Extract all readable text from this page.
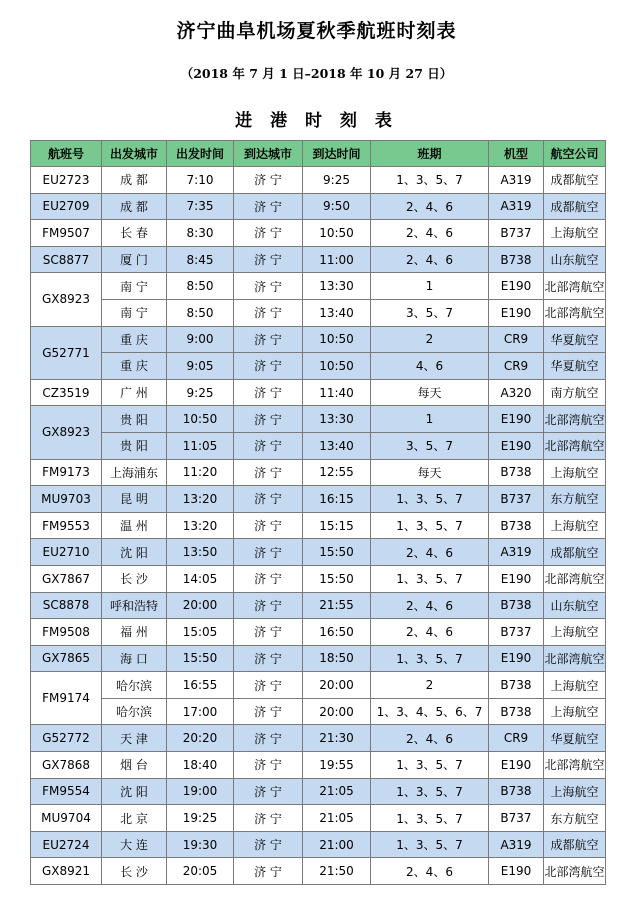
济宁曲阜机场夏秋季航班时刻表
（2018 年 7 月 1 日–2018 年 10 月 27 日）
进 港 时 刻 表
航班号	出发城市	出发时间	到达城市	到达时间	班期	机型	航空公司
EU2723	成 都	7:10	济 宁	9:25	1、3、5、7	A319	成都航空
EU2709	成 都	7:35	济 宁	9:50	2、4、6	A319	成都航空
FM9507	长 春	8:30	济 宁	10:50	2、4、6	B737	上海航空
SC8877	厦 门	8:45	济 宁	11:00	2、4、6	B738	山东航空
GX8923	南 宁	8:50	济 宁	13:30	1	E190	北部湾航空
	南 宁	8:50	济 宁	13:40	3、5、7	E190	北部湾航空
G52771	重 庆	9:00	济 宁	10:50	2	CR9	华夏航空
	重 庆	9:05	济 宁	10:50	4、6	CR9	华夏航空
CZ3519	广 州	9:25	济 宁	11:40	每天	A320	南方航空
GX8923	贵 阳	10:50	济 宁	13:30	1	E190	北部湾航空
	贵 阳	11:05	济 宁	13:40	3、5、7	E190	北部湾航空
FM9173	上海浦东	11:20	济 宁	12:55	每天	B738	上海航空
MU9703	昆 明	13:20	济 宁	16:15	1、3、5、7	B737	东方航空
FM9553	温 州	13:20	济 宁	15:15	1、3、5、7	B738	上海航空
EU2710	沈 阳	13:50	济 宁	15:50	2、4、6	A319	成都航空
GX7867	长 沙	14:05	济 宁	15:50	1、3、5、7	E190	北部湾航空
SC8878	呼和浩特	20:00	济 宁	21:55	2、4、6	B738	山东航空
FM9508	福 州	15:05	济 宁	16:50	2、4、6	B737	上海航空
GX7865	海 口	15:50	济 宁	18:50	1、3、5、7	E190	北部湾航空
FM9174	哈尔滨	16:55	济 宁	20:00	2	B738	上海航空
	哈尔滨	17:00	济 宁	20:00	1、3、4、5、6、7	B738	上海航空
G52772	天 津	20:20	济 宁	21:30	2、4、6	CR9	华夏航空
GX7868	烟 台	18:40	济 宁	19:55	1、3、5、7	E190	北部湾航空
FM9554	沈 阳	19:00	济 宁	21:05	1、3、5、7	B738	上海航空
MU9704	北 京	19:25	济 宁	21:05	1、3、5、7	B737	东方航空
EU2724	大 连	19:30	济 宁	21:00	1、3、5、7	A319	成都航空
GX8921	长 沙	20:05	济 宁	21:50	2、4、6	E190	北部湾航空
